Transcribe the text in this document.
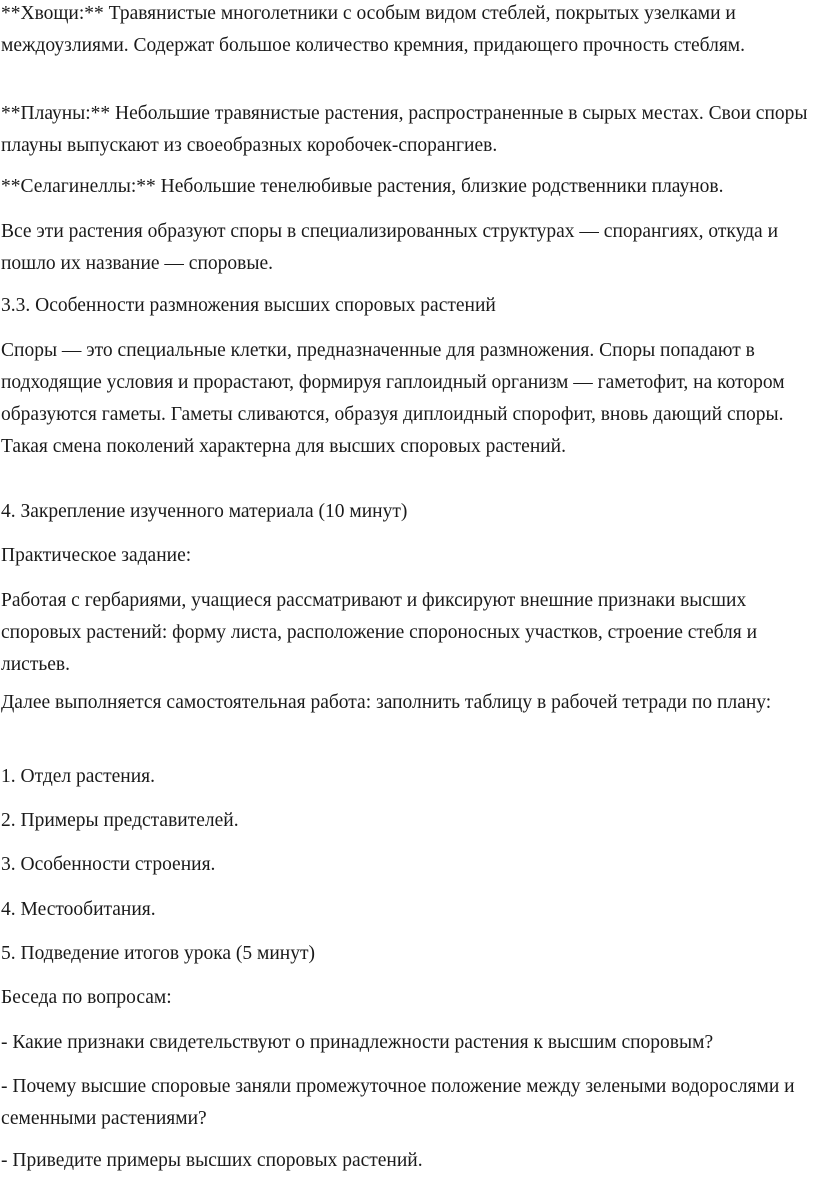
**Хвощи:** Травянистые многолетники с особым видом стеблей, покрытых узелками и междоузлиями. Содержат большое количество кремния, придающего прочность стеблям.

**Плауны:** Небольшие травянистые растения, распространенные в сырых местах. Свои споры плауны выпускают из своеобразных коробочек-спорангиев.

**Селагинеллы:** Небольшие тенелюбивые растения, близкие родственники плаунов.

Все эти растения образуют споры в специализированных структурах — спорангиях, откуда и пошло их название — споровые.

3.3. Особенности размножения высших споровых растений

Споры — это специальные клетки, предназначенные для размножения. Споры попадают в подходящие условия и прорастают, формируя гаплоидный организм — гаметофит, на котором образуются гаметы. Гаметы сливаются, образуя диплоидный спорофит, вновь дающий споры. Такая смена поколений характерна для высших споровых растений.

4. Закрепление изученного материала (10 минут)

Практическое задание:

Работая с гербариями, учащиеся рассматривают и фиксируют внешние признаки высших споровых растений: форму листа, расположение спороносных участков, строение стебля и листьев.

Далее выполняется самостоятельная работа: заполнить таблицу в рабочей тетради по плану:

1. Отдел растения.

2. Примеры представителей.

3. Особенности строения.

4. Местообитания.

5. Подведение итогов урока (5 минут)

Беседа по вопросам:

- Какие признаки свидетельствуют о принадлежности растения к высшим споровым?

- Почему высшие споровые заняли промежуточное положение между зелеными водорослями и семенными растениями?

- Приведите примеры высших споровых растений.
